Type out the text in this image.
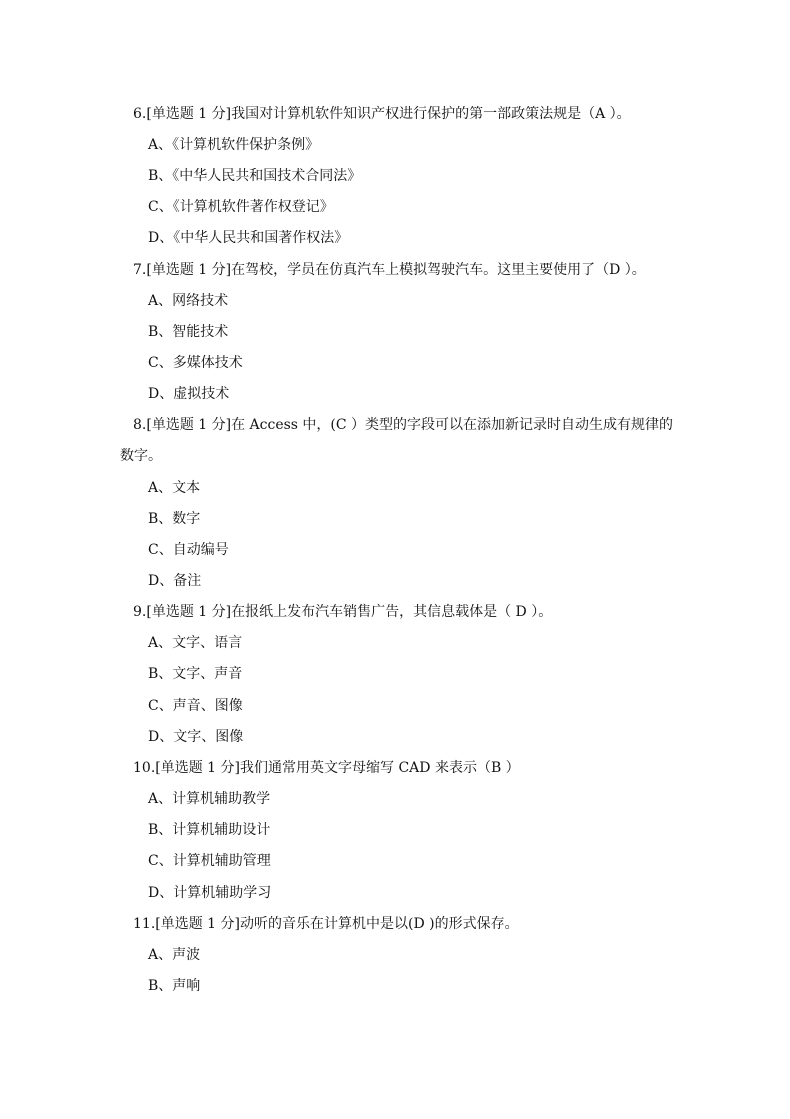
6.[单选题 1 分]我国对计算机软件知识产权进行保护的第一部政策法规是（A ）。
A、《计算机软件保护条例》
B、《中华人民共和国技术合同法》
C、《计算机软件著作权登记》
D、《中华人民共和国著作权法》
7.[单选题 1 分]在驾校，学员在仿真汽车上模拟驾驶汽车。这里主要使用了（D ）。
A、网络技术
B、智能技术
C、多媒体技术
D、虚拟技术
8.[单选题 1 分]在 Access 中，(C ）类型的字段可以在添加新记录时自动生成有规律的数字。
A、文本
B、数字
C、自动编号
D、备注
9.[单选题 1 分]在报纸上发布汽车销售广告，其信息载体是（ D ）。
A、文字、语言
B、文字、声音
C、声音、图像
D、文字、图像
10.[单选题 1 分]我们通常用英文字母缩写 CAD 来表示（B ）
A、计算机辅助教学
B、计算机辅助设计
C、计算机辅助管理
D、计算机辅助学习
11.[单选题 1 分]动听的音乐在计算机中是以(D )的形式保存。
A、声波
B、声响
